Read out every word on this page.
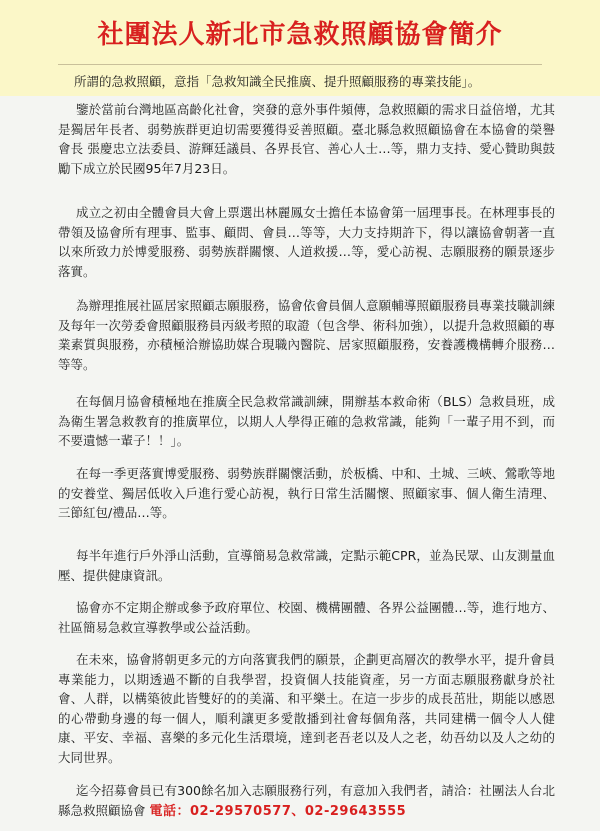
社團法人新北市急救照顧協會簡介
所謂的急救照顧，意指「急救知識全民推廣、提升照顧服務的專業技能」。

鑒於當前台灣地區高齡化社會，突發的意外事件頻傳，急救照顧的需求日益倍增，尤其是獨居年長者、弱勢族群更迫切需要獲得妥善照顧。臺北縣急救照顧協會在本協會的榮譽會長 張慶忠立法委員、游輝廷議員、各界長官、善心人士…等，鼎力支持、愛心贊助與鼓勵下成立於民國95年7月23日。

成立之初由全體會員大會上票選出林麗鳳女士擔任本協會第一屆理事長。在林理事長的帶領及協會所有理事、監事、顧問、會員…等等，大力支持期許下，得以讓協會朝著一直以來所致力於博愛服務、弱勢族群關懷、人道救援…等，愛心訪視、志願服務的願景逐步落實。

為辦理推展社區居家照顧志願服務，協會依會員個人意願輔導照顧服務員專業技職訓練及每年一次勞委會照顧服務員丙級考照的取證（包含學、術科加強），以提升急救照顧的專業素質與服務，亦積極洽辦協助媒合現職內醫院、居家照顧服務，安養護機構轉介服務…等等。

在每個月協會積極地在推廣全民急救常識訓練，開辦基本救命術（BLS）急救員班，成為衛生署急救教育的推廣單位，以期人人學得正確的急救常識，能夠「一輩子用不到，而不要遺憾一輩子！！」。

在每一季更落實博愛服務、弱勢族群關懷活動，於板橋、中和、土城、三峽、鶯歌等地的安養堂、獨居低收入戶進行愛心訪視，執行日常生活關懷、照顧家事、個人衛生清理、三節紅包/禮品…等。

每半年進行戶外淨山活動，宣導簡易急救常識，定點示範CPR，並為民眾、山友測量血壓、提供健康資訊。

協會亦不定期企辦或參予政府單位、校園、機構團體、各界公益團體…等，進行地方、社區簡易急救宣導教學或公益活動。

在未來，協會將朝更多元的方向落實我們的願景，企劃更高層次的教學水平，提升會員專業能力，以期透過不斷的自我學習，投資個人技能資產，另一方面志願服務獻身於社會、人群，以構築彼此皆雙好的的美滿、和平樂土。在這一步步的成長茁壯，期能以感恩的心帶動身邊的每一個人，順利讓更多愛散播到社會每個角落，共同建構一個令人人健康、平安、幸福、喜樂的多元化生活環境，達到老吾老以及人之老，幼吾幼以及人之幼的大同世界。

迄今招募會員已有300餘名加入志願服務行列，有意加入我們者，請洽：社團法人台北縣急救照顧協會 電話：02-29570577、02-29643555
